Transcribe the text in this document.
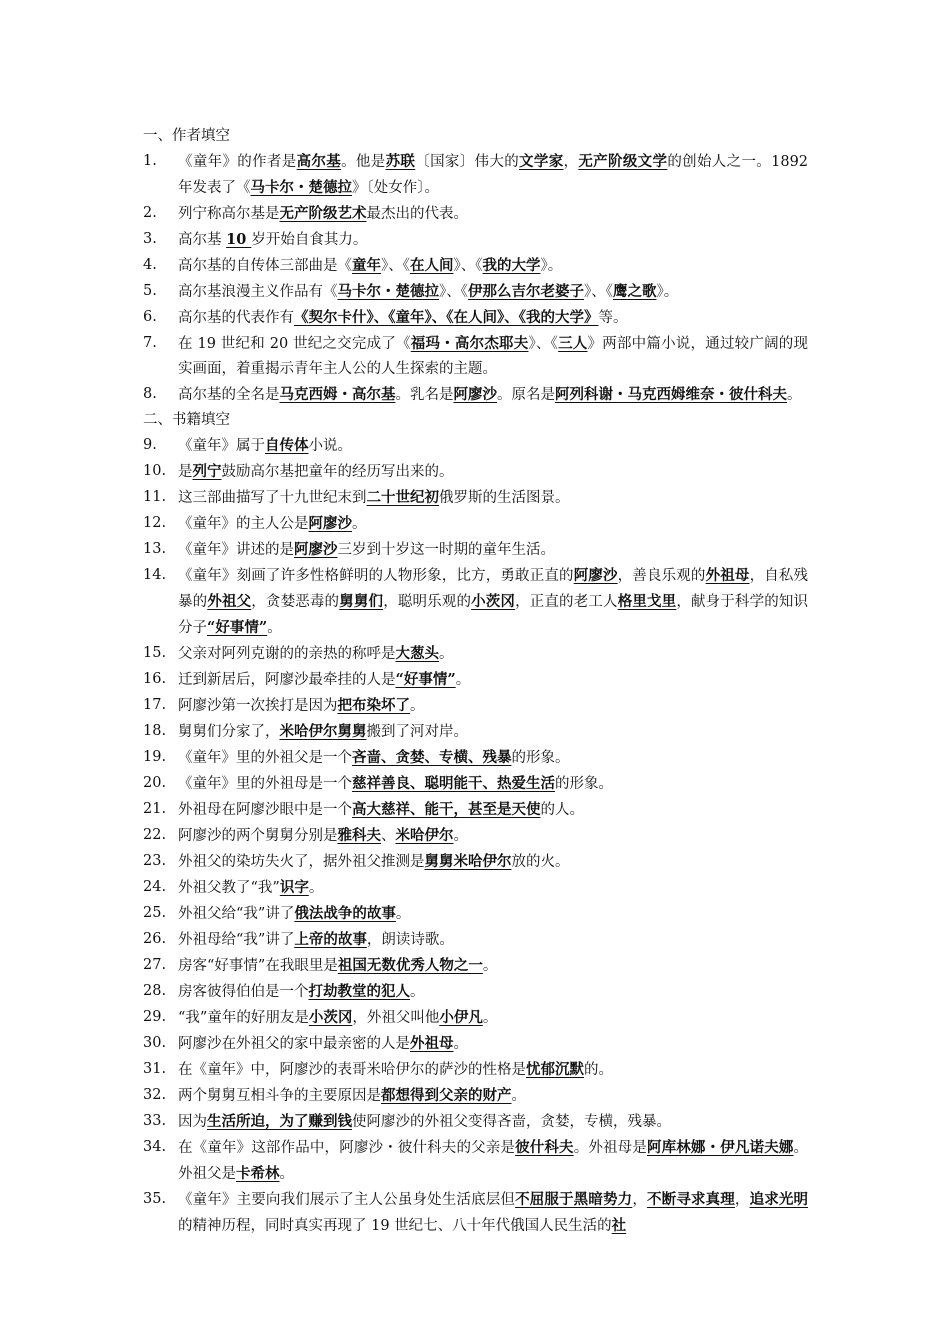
一、作者填空
1. 《童年》的作者是高尔基。他是苏联〔国家〕伟大的文学家，无产阶级文学的创始人之一。1892 年发表了《马卡尔・楚德拉》〔处女作〕。
2. 列宁称高尔基是无产阶级艺术最杰出的代表。
3. 高尔基 10 岁开始自食其力。
4. 高尔基的自传体三部曲是《童年》、《在人间》、《我的大学》。
5. 高尔基浪漫主义作品有《马卡尔・楚德拉》、《伊那么吉尔老婆子》、《鹰之歌》。
6. 高尔基的代表作有《契尔卡什》、《童年》、《在人间》、《我的大学》等。
7. 在 19 世纪和 20 世纪之交完成了《福玛・高尔杰耶夫》、《三人》两部中篇小说，通过较广阔的现实画面，着重揭示青年主人公的人生探索的主题。
8. 高尔基的全名是马克西姆・高尔基。乳名是阿廖沙。原名是阿列科谢・马克西姆维奈・彼什科夫。
二、书籍填空
9. 《童年》属于自传体小说。
10. 是列宁鼓励高尔基把童年的经历写出来的。
11. 这三部曲描写了十九世纪末到二十世纪初俄罗斯的生活图景。
12. 《童年》的主人公是阿廖沙。
13. 《童年》讲述的是阿廖沙三岁到十岁这一时期的童年生活。
14. 《童年》刻画了许多性格鲜明的人物形象，比方，勇敢正直的阿廖沙，善良乐观的外祖母，自私残暴的外祖父，贪婪恶毒的舅舅们，聪明乐观的小茨冈，正直的老工人格里戈里，献身于科学的知识分子“好事情”。
15. 父亲对阿列克谢的的亲热的称呼是大葱头。
16. 迁到新居后，阿廖沙最牵挂的人是“好事情”。
17. 阿廖沙第一次挨打是因为把布染坏了。
18. 舅舅们分家了，米哈伊尔舅舅搬到了河对岸。
19. 《童年》里的外祖父是一个吝啬、贪婪、专横、残暴的形象。
20. 《童年》里的外祖母是一个慈祥善良、聪明能干、热爱生活的形象。
21. 外祖母在阿廖沙眼中是一个高大慈祥、能干，甚至是天使的人。
22. 阿廖沙的两个舅舅分别是雅科夫、米哈伊尔。
23. 外祖父的染坊失火了，据外祖父推测是舅舅米哈伊尔放的火。
24. 外祖父教了“我”识字。
25. 外祖父给“我”讲了俄法战争的故事。
26. 外祖母给“我”讲了上帝的故事，朗读诗歌。
27. 房客“好事情”在我眼里是祖国无数优秀人物之一。
28. 房客彼得伯伯是一个打劫教堂的犯人。
29. “我”童年的好朋友是小茨冈，外祖父叫他小伊凡。
30. 阿廖沙在外祖父的家中最亲密的人是外祖母。
31. 在《童年》中，阿廖沙的表哥米哈伊尔的萨沙的性格是忧郁沉默的。
32. 两个舅舅互相斗争的主要原因是都想得到父亲的财产。
33. 因为生活所迫，为了赚到钱使阿廖沙的外祖父变得吝啬，贪婪，专横，残暴。
34. 在《童年》这部作品中，阿廖沙・彼什科夫的父亲是彼什科夫。外祖母是阿库林娜・伊凡诺夫娜。外祖父是卡希林。
35. 《童年》主要向我们展示了主人公虽身处生活底层但不屈服于黑暗势力，不断寻求真理，追求光明的精神历程，同时真实再现了 19 世纪七、八十年代俄国人民生活的社
